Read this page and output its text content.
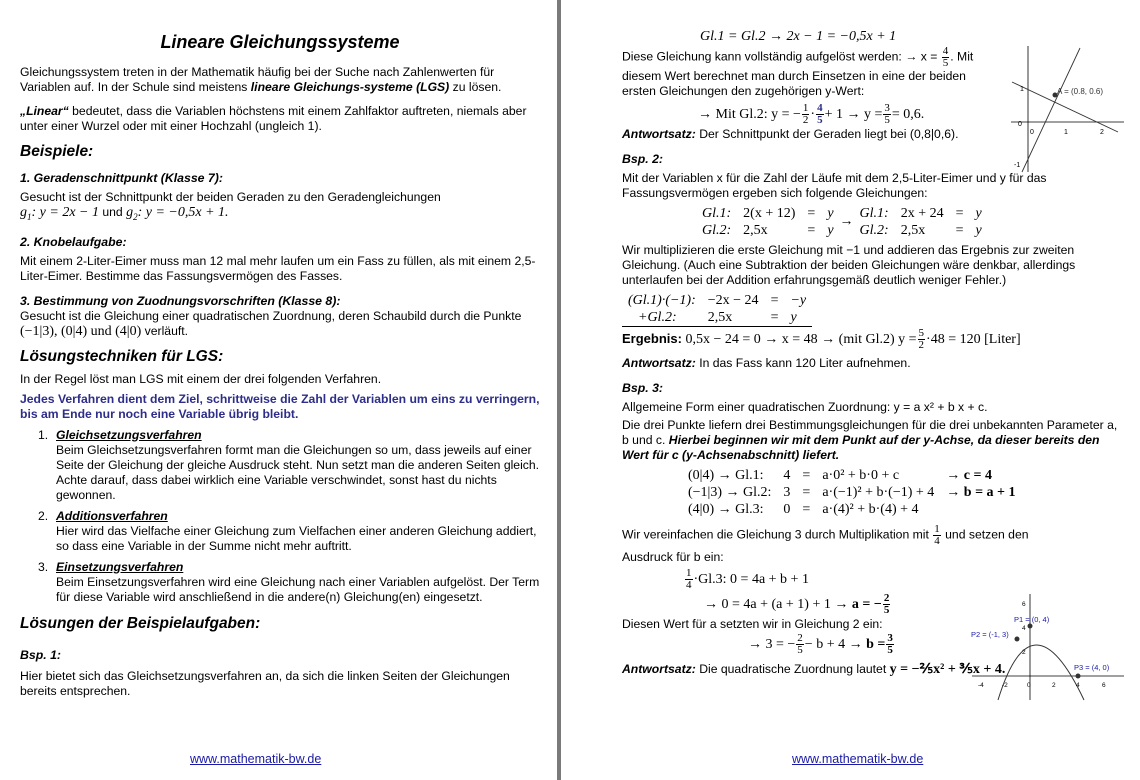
Lineare Gleichungssysteme

Gleichungssystem treten in der Mathematik häufig bei der Suche nach Zahlenwerten für Variablen auf. In der Schule sind meistens lineare Gleichungs-systeme (LGS) zu lösen.

„Linear“ bedeutet, dass die Variablen höchstens mit einem Zahlfaktor auftreten, niemals aber unter einer Wurzel oder mit einer Hochzahl (ungleich 1).

Beispiele:
1. Geradenschnittpunkt (Klasse 7):

Gesucht ist der Schnittpunkt der beiden Geraden zu den Geradengleichungen
$g_1$: y = 2x − 1 und $g_2$: y = −0,5x + 1.

2. Knobelaufgabe:

Mit einem 2-Liter-Eimer muss man 12 mal mehr laufen um ein Fass zu füllen, als mit einem 2,5-Liter-Eimer. Bestimme das Fassungsvermögen des Fasses.

3. Bestimmung von Zuodnungsvorschriften (Klasse 8):

Gesucht ist die Gleichung einer quadratischen Zuordnung, deren Schaubild durch die Punkte (−1|3), (0|4) und (4|0) verläuft.

Lösungstechniken für LGS:

In der Regel löst man LGS mit einem der drei folgenden Verfahren.

Jedes Verfahren dient dem Ziel, schrittweise die Zahl der Variablen um eins zu verringern, bis am Ende nur noch eine Variable übrig bleibt.

1. Gleichsetzungsverfahren
Beim Gleichsetzungsverfahren formt man die Gleichungen so um, dass jeweils auf einer Seite der Gleichung der gleiche Ausdruck steht. Nun setzt man die anderen Seiten gleich. Achte darauf, dass dabei wirklich eine Variable verschwindet, sonst hast du nichts gewonnen.
2. Additionsverfahren
Hier wird das Vielfache einer Gleichung zum Vielfachen einer anderen Gleichung addiert, so dass eine Variable in der Summe nicht mehr auftritt.
3. Einsetzungsverfahren
Beim Einsetzungsverfahren wird eine Gleichung nach einer Variablen aufgelöst. Der Term für diese Variable wird anschließend in die andere(n) Gleichung(en) eingesetzt.
Lösungen der Beispielaufgaben:
Bsp. 1:

Hier bietet sich das Gleichsetzungsverfahren an, da sich die linken Seiten der Gleichungen bereits entsprechen.

www.mathematik-bw.de
Gl.1 = Gl.2 → 2x − 1 = −0,5x + 1
Diese Gleichung kann vollständig aufgelöst werden: → $x = \frac{4}{5}$ . Mit diesem Wert berechnet man durch Einsetzen in eine der beiden ersten Gleichungen den zugehörigen y-Wert:
→ Mit Gl.2: y = − $\frac{1}{2} \cdot \frac{4}{5} + 1 \to y = \frac{3}{5} = 0,6$.

Antwortsatz: Der Schnittpunkt der Geraden liegt bei (0,8|0,6).

Bsp. 2:

Mit der Variablen x für die Zahl der Läufe mit dem 2,5-Liter-Eimer und y für das Fassungsvermögen ergeben sich folgende Gleichungen:

Gl.1:	2(x + 12)	=	y
Gl.2:	2,5x	=	y
→
Gl.1:	2x + 24	=	y
Gl.2:	2,5x	=	y

Wir multiplizieren die erste Gleichung mit −1 und addieren das Ergebnis zur zweiten Gleichung. (Auch eine Subtraktion der beiden Gleichungen wäre denkbar, allerdings unterlaufen bei der Addition erfahrungsgemäß deutlich weniger Fehler.)

(Gl.1)·(−1):	−2x − 24	=	−y
+Gl.2:	2,5x	=	y
Ergebnis: 0,5x − 24 = 0 → x = 48 → (mit Gl.2) $y = \frac{5}{2} \cdot 48 = 120$ [Liter]

Antwortsatz: In das Fass kann 120 Liter aufnehmen.

Bsp. 3:

Allgemeine Form einer quadratischen Zuordnung: y = a x² + b x + c.

Die drei Punkte liefern drei Bestimmungsgleichungen für die drei unbekannten Parameter a, b und c. Hierbei beginnen wir mit dem Punkt auf der y-Achse, da dieser bereits den Wert für c (y-Achsenabschnitt) liefert.

(0|4) → Gl.1:	4	=	a·0² + b·0 + c	→ c = 4
(−1|3) → Gl.2:	3	=	a·(−1)² + b·(−1) + 4	→ b = a + 1
(4|0) → Gl.3:	0	=	a·(4)² + b·(4) + 4	

Wir vereinfachen die Gleichung 3 durch Multiplikation mit $\frac{1}{4}$ und setzen den Ausdruck für b ein:

$\frac{1}{4} \cdot Gl.3$: 0 = 4a + b + 1
→ 0 = 4a + (a + 1) + 1 → a = − $\frac{2}{5}$

Diesen Wert für a setzten wir in Gleichung 2 ein:

→ 3 = − $\frac{2}{5} - b + 4 \to b = \frac{3}{5}$

Antwortsatz: Die quadratische Zuordnung lautet y = −⅖x² + ⅗x + 4.

www.mathematik-bw.de
A = (0.8, 0.6)
1
0
-1
0	1	2
P1 = (0, 4)
P2 = (-1, 3)
P3 = (4, 0)
6
4
2
-4	-2	0	2	4	6
